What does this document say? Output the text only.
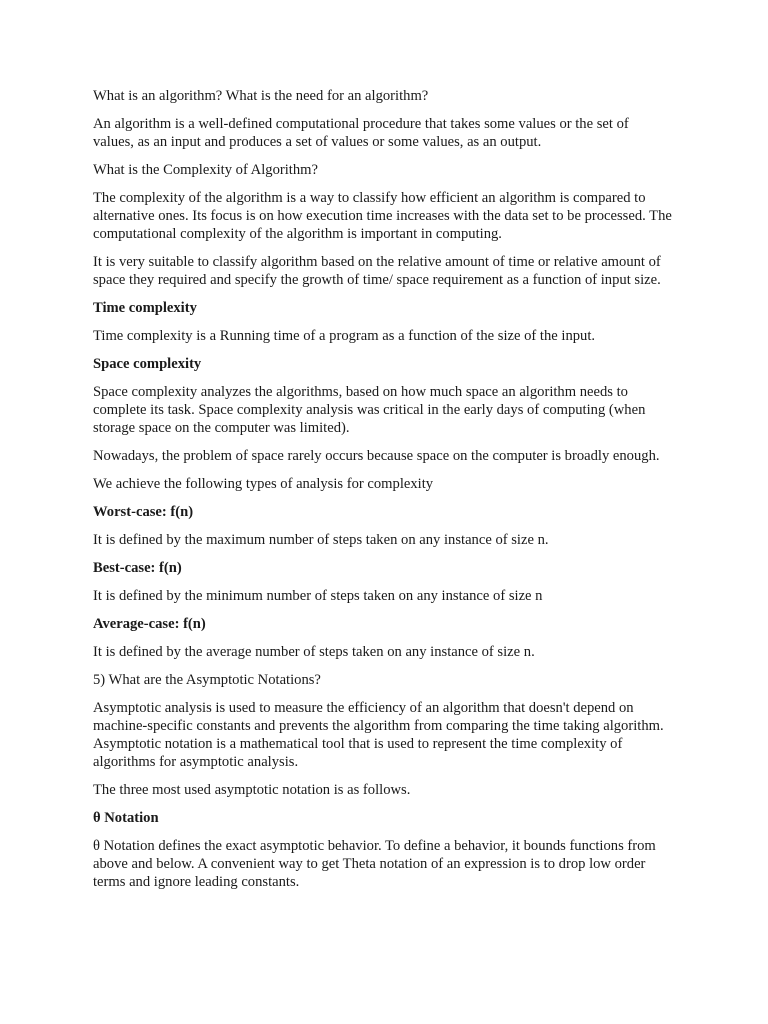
What is an algorithm? What is the need for an algorithm?

An algorithm is a well-defined computational procedure that takes some values or the set of values, as an input and produces a set of values or some values, as an output.

What is the Complexity of Algorithm?

The complexity of the algorithm is a way to classify how efficient an algorithm is compared to alternative ones. Its focus is on how execution time increases with the data set to be processed. The computational complexity of the algorithm is important in computing.

It is very suitable to classify algorithm based on the relative amount of time or relative amount of space they required and specify the growth of time/ space requirement as a function of input size.

Time complexity

Time complexity is a Running time of a program as a function of the size of the input.

Space complexity

Space complexity analyzes the algorithms, based on how much space an algorithm needs to complete its task. Space complexity analysis was critical in the early days of computing (when storage space on the computer was limited).

Nowadays, the problem of space rarely occurs because space on the computer is broadly enough.

We achieve the following types of analysis for complexity

Worst-case: f(n)

It is defined by the maximum number of steps taken on any instance of size n.

Best-case: f(n)

It is defined by the minimum number of steps taken on any instance of size n

Average-case: f(n)

It is defined by the average number of steps taken on any instance of size n.

5) What are the Asymptotic Notations?

Asymptotic analysis is used to measure the efficiency of an algorithm that doesn't depend on machine-specific constants and prevents the algorithm from comparing the time taking algorithm. Asymptotic notation is a mathematical tool that is used to represent the time complexity of algorithms for asymptotic analysis.

The three most used asymptotic notation is as follows.

θ Notation

θ Notation defines the exact asymptotic behavior. To define a behavior, it bounds functions from above and below. A convenient way to get Theta notation of an expression is to drop low order terms and ignore leading constants.
